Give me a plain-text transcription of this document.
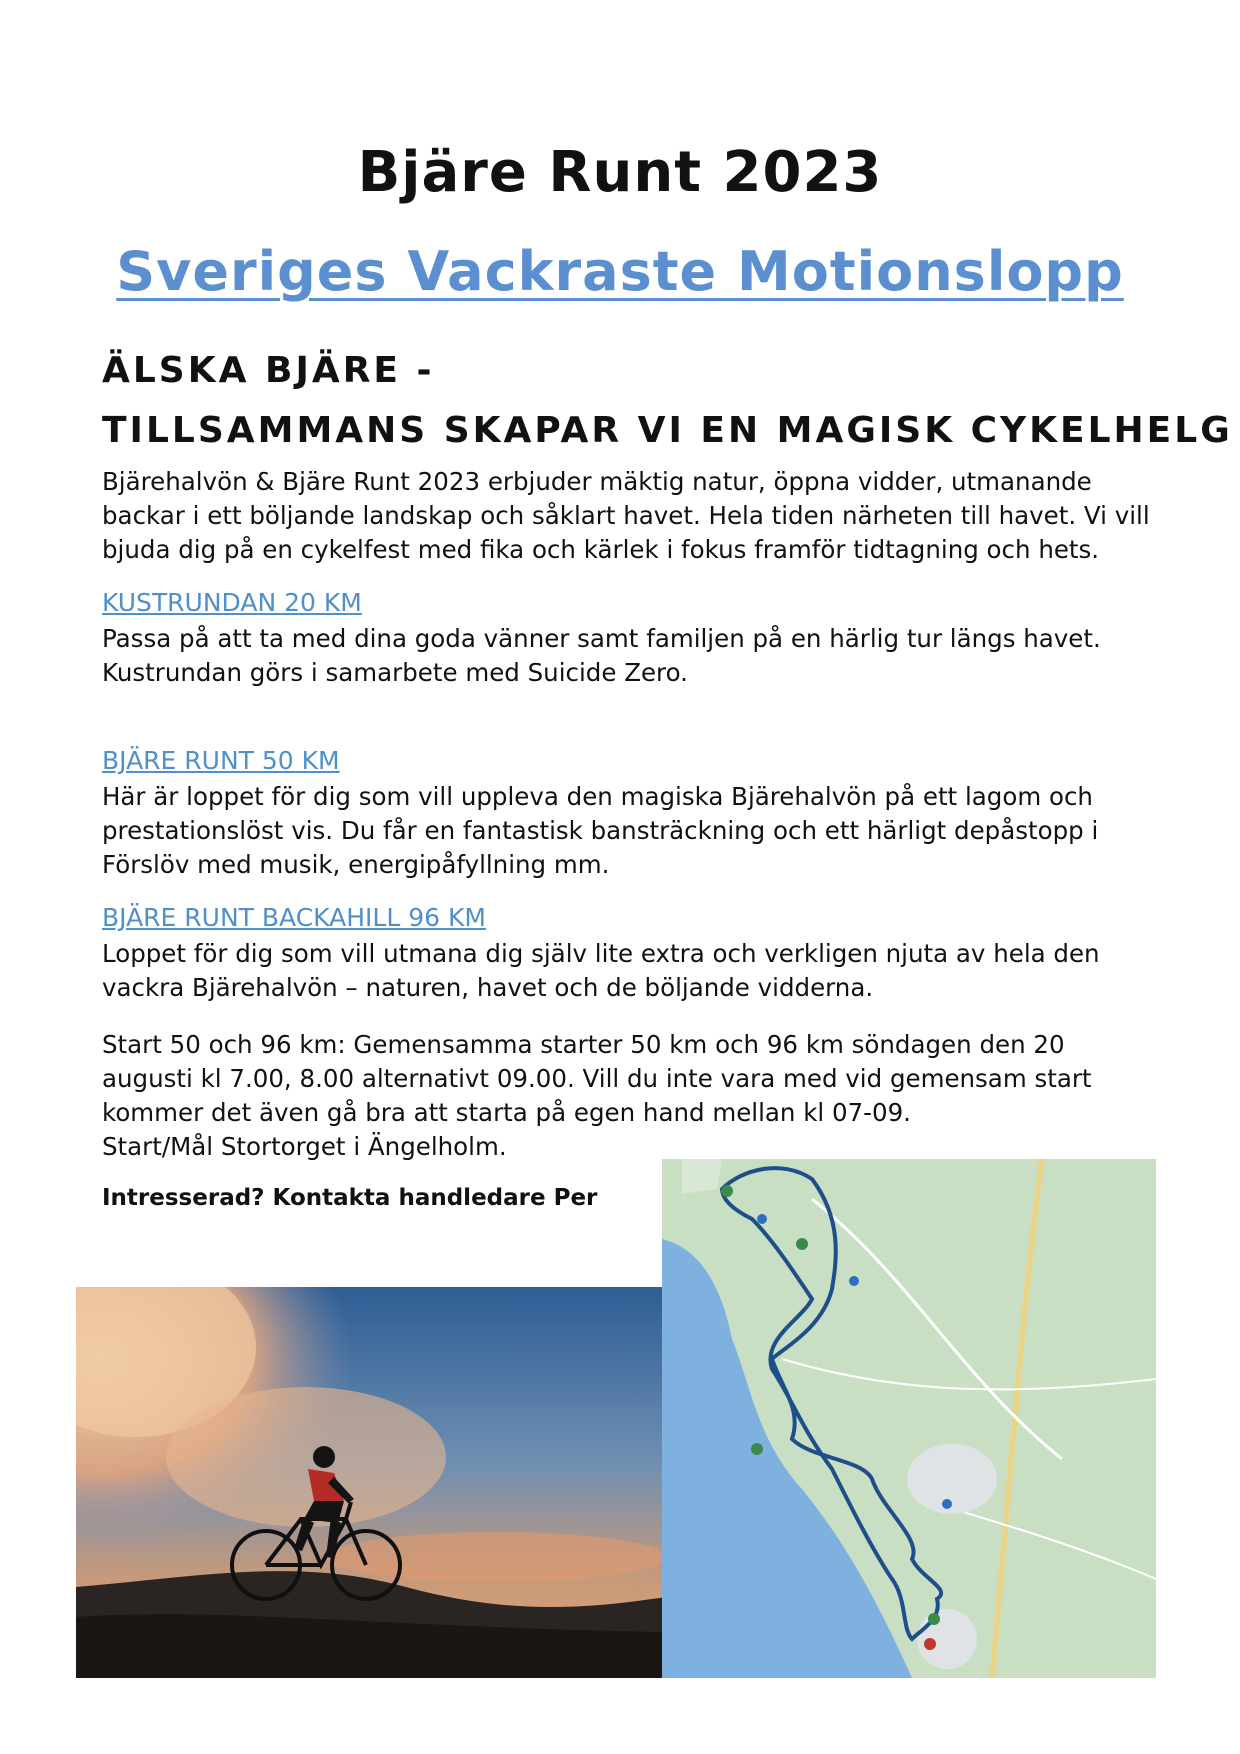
Bjäre Runt 2023
Sveriges Vackraste Motionslopp
ÄLSKA BJÄRE -
TILLSAMMANS SKAPAR VI EN MAGISK CYKELHELG

Bjärehalvön & Bjäre Runt 2023 erbjuder mäktig natur, öppna vidder, utmanande backar i ett böljande landskap och såklart havet. Hela tiden närheten till havet. Vi vill bjuda dig på en cykelfest med fika och kärlek i fokus framför tidtagning och hets.

KUSTRUNDAN 20 KM

Passa på att ta med dina goda vänner samt familjen på en härlig tur längs havet. Kustrundan görs i samarbete med Suicide Zero.

BJÄRE RUNT 50 KM

Här är loppet för dig som vill uppleva den magiska Bjärehalvön på ett lagom och prestationslöst vis. Du får en fantastisk bansträckning och ett härligt depåstopp i Förslöv med musik, energipåfyllning mm.

BJÄRE RUNT BACKAHILL 96 KM

Loppet för dig som vill utmana dig själv lite extra och verkligen njuta av hela den vackra Bjärehalvön – naturen, havet och de böljande vidderna.

Start 50 och 96 km: Gemensamma starter 50 km och 96 km söndagen den 20 augusti kl 7.00, 8.00 alternativt 09.00. Vill du inte vara med vid gemensam start kommer det även gå bra att starta på egen hand mellan kl 07-09.
Start/Mål Stortorget i Ängelholm.

Intresserad? Kontakta handledare Per
